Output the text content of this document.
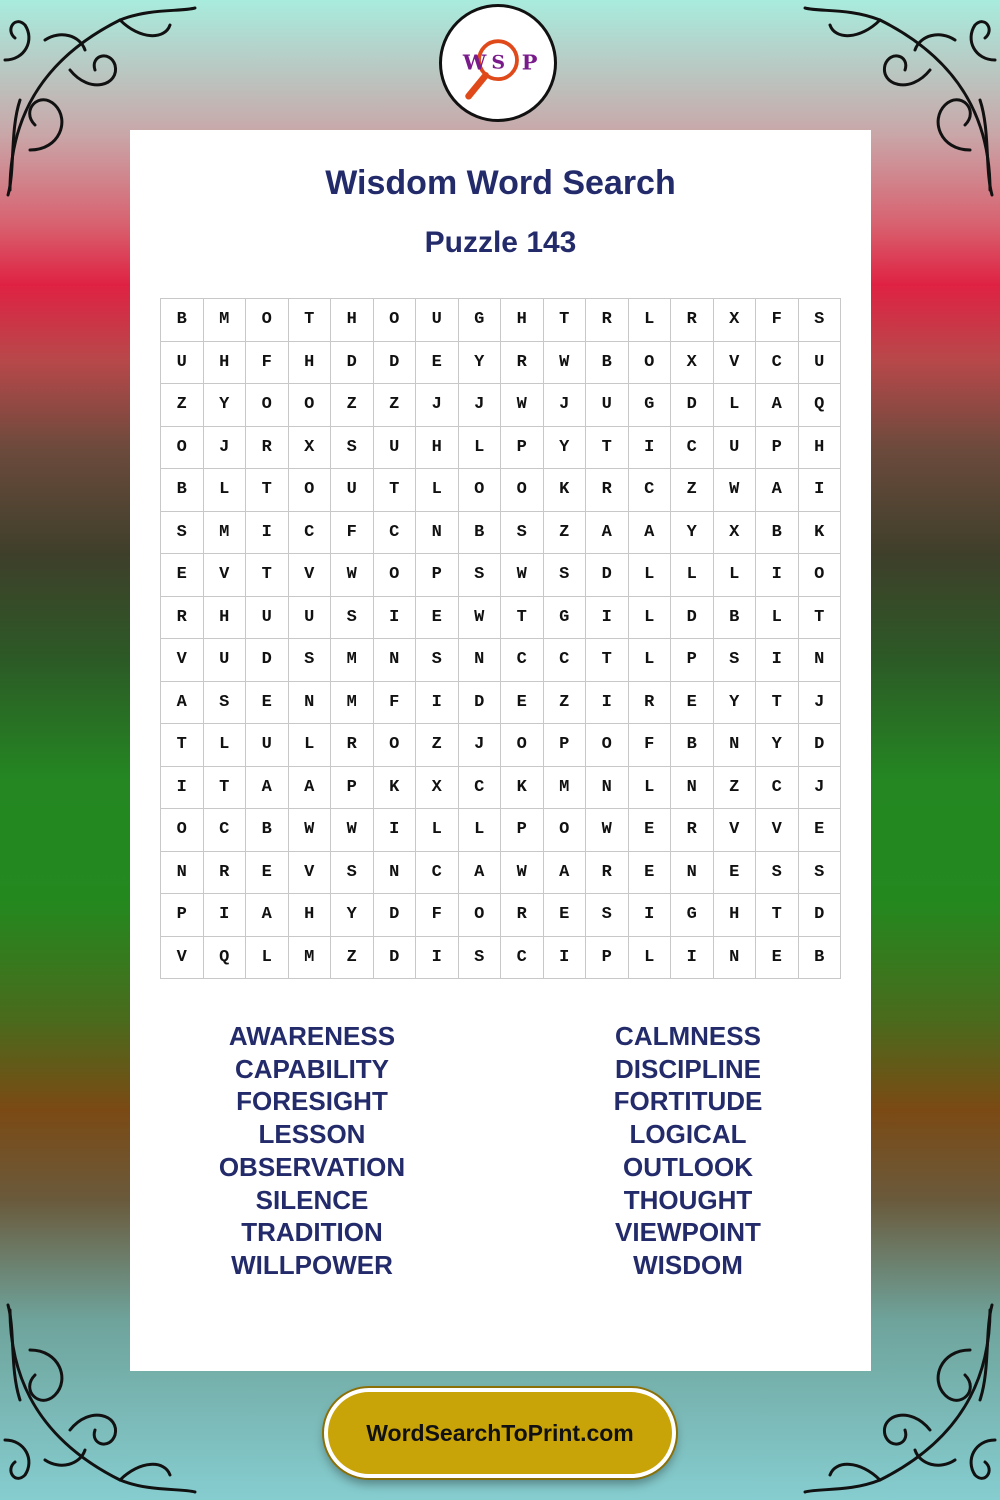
W S P
Wisdom Word Search
Puzzle 143
B	M	O	T	H	O	U	G	H	T	R	L	R	X	F	S
U	H	F	H	D	D	E	Y	R	W	B	O	X	V	C	U
Z	Y	O	O	Z	Z	J	J	W	J	U	G	D	L	A	Q
O	J	R	X	S	U	H	L	P	Y	T	I	C	U	P	H
B	L	T	O	U	T	L	O	O	K	R	C	Z	W	A	I
S	M	I	C	F	C	N	B	S	Z	A	A	Y	X	B	K
E	V	T	V	W	O	P	S	W	S	D	L	L	L	I	O
R	H	U	U	S	I	E	W	T	G	I	L	D	B	L	T
V	U	D	S	M	N	S	N	C	C	T	L	P	S	I	N
A	S	E	N	M	F	I	D	E	Z	I	R	E	Y	T	J
T	L	U	L	R	O	Z	J	O	P	O	F	B	N	Y	D
I	T	A	A	P	K	X	C	K	M	N	L	N	Z	C	J
O	C	B	W	W	I	L	L	P	O	W	E	R	V	V	E
N	R	E	V	S	N	C	A	W	A	R	E	N	E	S	S
P	I	A	H	Y	D	F	O	R	E	S	I	G	H	T	D
V	Q	L	M	Z	D	I	S	C	I	P	L	I	N	E	B
AWARENESS
CAPABILITY
FORESIGHT
LESSON
OBSERVATION
SILENCE
TRADITION
WILLPOWER
CALMNESS
DISCIPLINE
FORTITUDE
LOGICAL
OUTLOOK
THOUGHT
VIEWPOINT
WISDOM
WordSearchToPrint.com
